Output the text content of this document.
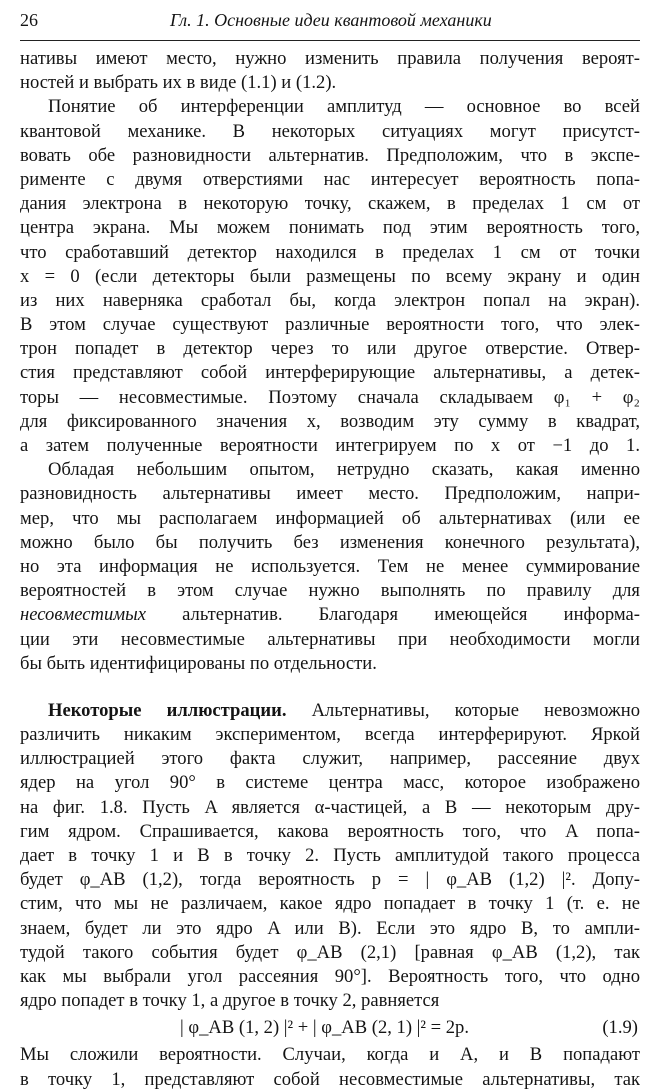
26	Гл. 1. Основные идеи квантовой механики
нативы имеют место, нужно изменить правила получения вероят-
ностей и выбрать их в виде (1.1) и (1.2).
Понятие об интерференции амплитуд — основное во всей
квантовой механике. В некоторых ситуациях могут присутст-
вовать обе разновидности альтернатив. Предположим, что в экспе-
рименте с двумя отверстиями нас интересует вероятность попа-
дания электрона в некоторую точку, скажем, в пределах 1 см от
центра экрана. Мы можем понимать под этим вероятность того,
что сработавший детектор находился в пределах 1 см от точки
x = 0 (если детекторы были размещены по всему экрану и один
из них наверняка сработал бы, когда электрон попал на экран).
В этом случае существуют различные вероятности того, что элек-
трон попадет в детектор через то или другое отверстие. Отвер-
стия представляют собой интерферирующие альтернативы, а детек-
торы — несовместимые. Поэтому сначала складываем φ₁ + φ₂
для фиксированного значения x, возводим эту сумму в квадрат,
а затем полученные вероятности интегрируем по x от −1 до 1.
Обладая небольшим опытом, нетрудно сказать, какая именно
разновидность альтернативы имеет место. Предположим, напри-
мер, что мы располагаем информацией об альтернативах (или ее
можно было бы получить без изменения конечного результата),
но эта информация не используется. Тем не менее суммирование
вероятностей в этом случае нужно выполнять по правилу для
несовместимых альтернатив. Благодаря имеющейся информа-
ции эти несовместимые альтернативы при необходимости могли
бы быть идентифицированы по отдельности.
Некоторые иллюстрации. Альтернативы, которые невозможно
различить никаким экспериментом, всегда интерферируют. Яркой
иллюстрацией этого факта служит, например, рассеяние двух
ядер на угол 90° в системе центра масс, которое изображено
на фиг. 1.8. Пусть A является α-частицей, а B — некоторым дру-
гим ядром. Спрашивается, какова вероятность того, что A попа-
дает в точку 1 и B в точку 2. Пусть амплитудой такого процесса
будет φ_AB (1,2), тогда вероятность p = | φ_AB (1,2) |². Допу-
стим, что мы не различаем, какое ядро попадает в точку 1 (т. е. не
знаем, будет ли это ядро A или B). Если это ядро B, то ампли-
тудой такого события будет φ_AB (2,1) [равная φ_AB (1,2), так
как мы выбрали угол рассеяния 90°]. Вероятность того, что одно
ядро попадет в точку 1, а другое в точку 2, равняется
| φ_AB (1, 2) |² + | φ_AB (2, 1) |² = 2p.	(1.9)
Мы сложили вероятности. Случаи, когда и A, и B попадают
в точку 1, представляют собой несовместимые альтернативы, так
